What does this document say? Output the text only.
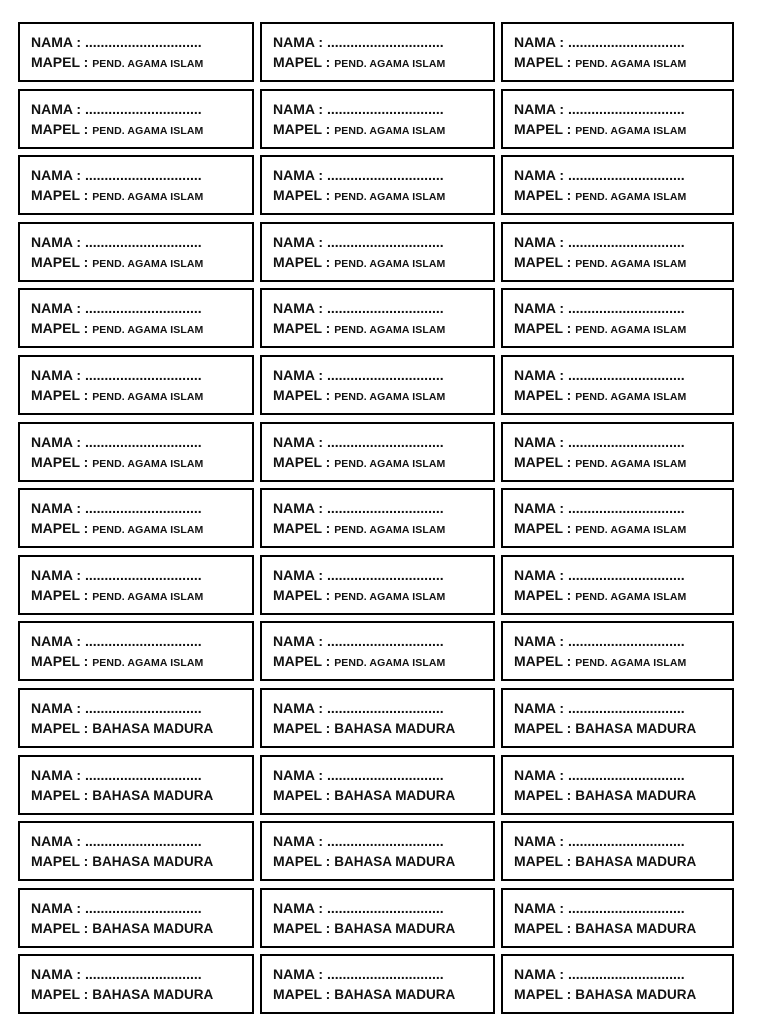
NAMA : ..............................
MAPEL : PEND. AGAMA ISLAM
NAMA : ..............................
MAPEL : PEND. AGAMA ISLAM
NAMA : ..............................
MAPEL : PEND. AGAMA ISLAM
NAMA : ..............................
MAPEL : PEND. AGAMA ISLAM
NAMA : ..............................
MAPEL : PEND. AGAMA ISLAM
NAMA : ..............................
MAPEL : PEND. AGAMA ISLAM
NAMA : ..............................
MAPEL : PEND. AGAMA ISLAM
NAMA : ..............................
MAPEL : PEND. AGAMA ISLAM
NAMA : ..............................
MAPEL : PEND. AGAMA ISLAM
NAMA : ..............................
MAPEL : PEND. AGAMA ISLAM
NAMA : ..............................
MAPEL : PEND. AGAMA ISLAM
NAMA : ..............................
MAPEL : PEND. AGAMA ISLAM
NAMA : ..............................
MAPEL : PEND. AGAMA ISLAM
NAMA : ..............................
MAPEL : PEND. AGAMA ISLAM
NAMA : ..............................
MAPEL : PEND. AGAMA ISLAM
NAMA : ..............................
MAPEL : PEND. AGAMA ISLAM
NAMA : ..............................
MAPEL : PEND. AGAMA ISLAM
NAMA : ..............................
MAPEL : PEND. AGAMA ISLAM
NAMA : ..............................
MAPEL : PEND. AGAMA ISLAM
NAMA : ..............................
MAPEL : PEND. AGAMA ISLAM
NAMA : ..............................
MAPEL : PEND. AGAMA ISLAM
NAMA : ..............................
MAPEL : PEND. AGAMA ISLAM
NAMA : ..............................
MAPEL : PEND. AGAMA ISLAM
NAMA : ..............................
MAPEL : PEND. AGAMA ISLAM
NAMA : ..............................
MAPEL : PEND. AGAMA ISLAM
NAMA : ..............................
MAPEL : PEND. AGAMA ISLAM
NAMA : ..............................
MAPEL : PEND. AGAMA ISLAM
NAMA : ..............................
MAPEL : PEND. AGAMA ISLAM
NAMA : ..............................
MAPEL : PEND. AGAMA ISLAM
NAMA : ..............................
MAPEL : PEND. AGAMA ISLAM
NAMA : ..............................
MAPEL : BAHASA MADURA
NAMA : ..............................
MAPEL : BAHASA MADURA
NAMA : ..............................
MAPEL : BAHASA MADURA
NAMA : ..............................
MAPEL : BAHASA MADURA
NAMA : ..............................
MAPEL : BAHASA MADURA
NAMA : ..............................
MAPEL : BAHASA MADURA
NAMA : ..............................
MAPEL : BAHASA MADURA
NAMA : ..............................
MAPEL : BAHASA MADURA
NAMA : ..............................
MAPEL : BAHASA MADURA
NAMA : ..............................
MAPEL : BAHASA MADURA
NAMA : ..............................
MAPEL : BAHASA MADURA
NAMA : ..............................
MAPEL : BAHASA MADURA
NAMA : ..............................
MAPEL : BAHASA MADURA
NAMA : ..............................
MAPEL : BAHASA MADURA
NAMA : ..............................
MAPEL : BAHASA MADURA
